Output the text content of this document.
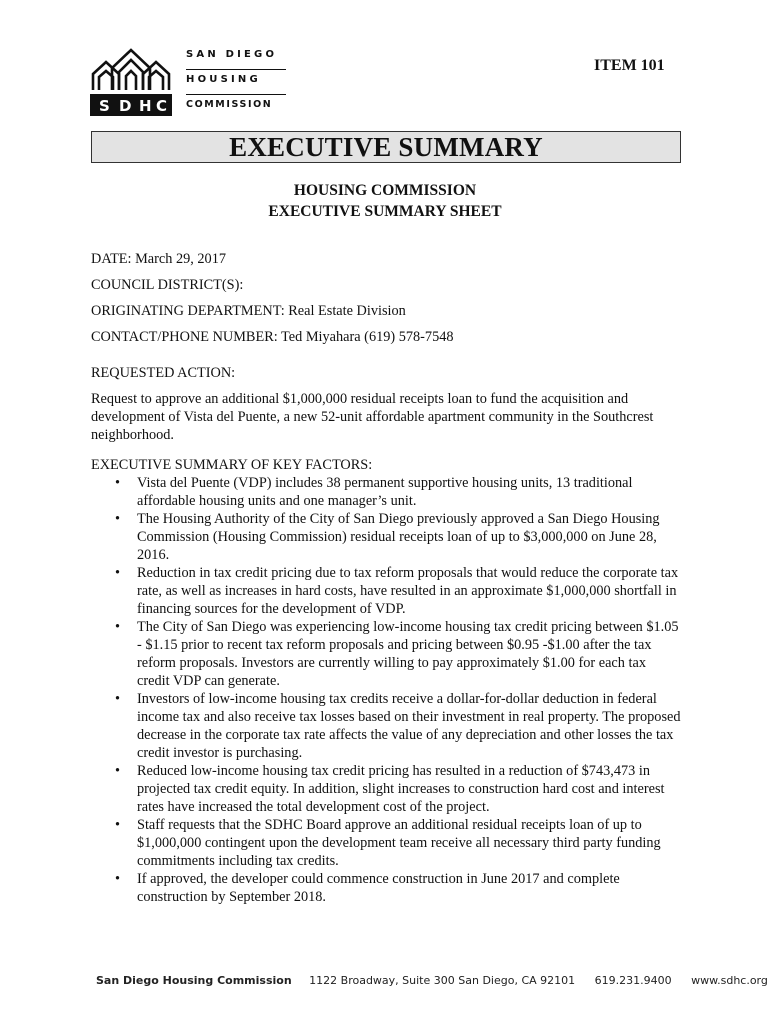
S D H C
SAN DIEGO
HOUSING
COMMISSION
ITEM 101
EXECUTIVE SUMMARY
HOUSING COMMISSION
EXECUTIVE SUMMARY SHEET

DATE: March 29, 2017

COUNCIL DISTRICT(S):

ORIGINATING DEPARTMENT: Real Estate Division

CONTACT/PHONE NUMBER: Ted Miyahara (619) 578-7548

REQUESTED ACTION:

Request to approve an additional $1,000,000 residual receipts loan to fund the acquisition and development of Vista del Puente, a new 52-unit affordable apartment community in the Southcrest neighborhood.

EXECUTIVE SUMMARY OF KEY FACTORS:

• Vista del Puente (VDP) includes 38 permanent supportive housing units, 13 traditional affordable housing units and one manager’s unit.
• The Housing Authority of the City of San Diego previously approved a San Diego Housing Commission (Housing Commission) residual receipts loan of up to $3,000,000 on June 28, 2016.
• Reduction in tax credit pricing due to tax reform proposals that would reduce the corporate tax rate, as well as increases in hard costs, have resulted in an approximate $1,000,000 shortfall in financing sources for the development of VDP.
• The City of San Diego was experiencing low-income housing tax credit pricing between $1.05 - $1.15 prior to recent tax reform proposals and pricing between $0.95 -$1.00 after the tax reform proposals. Investors are currently willing to pay approximately $1.00 for each tax credit VDP can generate.
• Investors of low-income housing tax credits receive a dollar-for-dollar deduction in federal income tax and also receive tax losses based on their investment in real property. The proposed decrease in the corporate tax rate affects the value of any depreciation and other losses the tax credit investor is purchasing.
• Reduced low-income housing tax credit pricing has resulted in a reduction of $743,473 in projected tax credit equity. In addition, slight increases to construction hard cost and interest rates have increased the total development cost of the project.
• Staff requests that the SDHC Board approve an additional residual receipts loan of up to $1,000,000 contingent upon the development team receive all necessary third party funding commitments including tax credits.
• If approved, the developer could commence construction in June 2017 and complete construction by September 2018.
San Diego Housing Commission 1122 Broadway, Suite 300 San Diego, CA 92101 619.231.9400 www.sdhc.org
